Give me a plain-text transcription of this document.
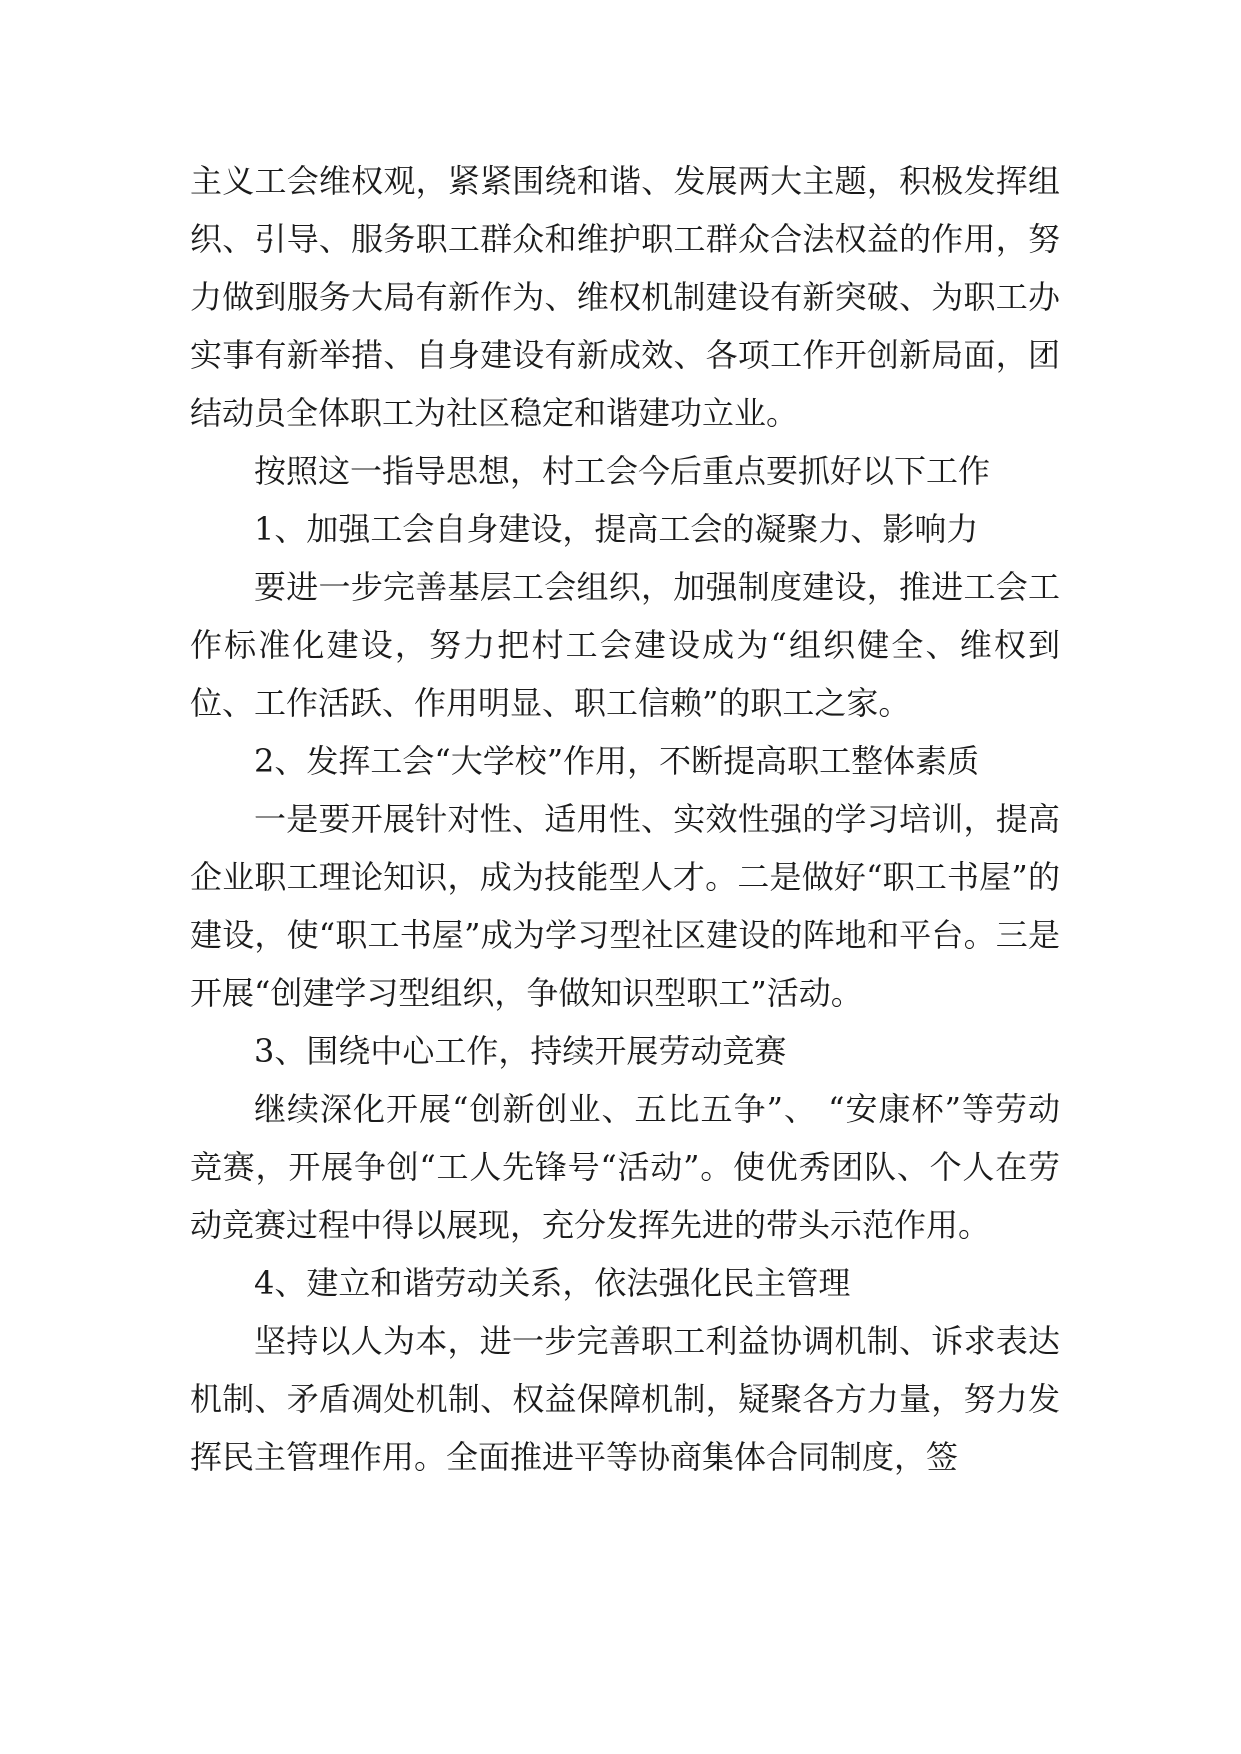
主义工会维权观，紧紧围绕和谐、发展两大主题，积极发挥组织、引导、服务职工群众和维护职工群众合法权益的作用，努力做到服务大局有新作为、维权机制建设有新突破、为职工办实事有新举措、自身建设有新成效、各项工作开创新局面，团结动员全体职工为社区稳定和谐建功立业。

按照这一指导思想，村工会今后重点要抓好以下工作

1、加强工会自身建设，提高工会的凝聚力、影响力

要进一步完善基层工会组织，加强制度建设，推进工会工作标准化建设，努力把村工会建设成为“组织健全、维权到位、工作活跃、作用明显、职工信赖”的职工之家。

2、发挥工会“大学校”作用，不断提高职工整体素质

一是要开展针对性、适用性、实效性强的学习培训，提高企业职工理论知识，成为技能型人才。二是做好“职工书屋”的建设，使“职工书屋”成为学习型社区建设的阵地和平台。三是开展“创建学习型组织，争做知识型职工”活动。

3、围绕中心工作，持续开展劳动竞赛

继续深化开展“创新创业、五比五争”、 “安康杯”等劳动竞赛，开展争创“工人先锋号“活动”。使优秀团队、个人在劳动竞赛过程中得以展现，充分发挥先进的带头示范作用。

4、建立和谐劳动关系，依法强化民主管理

坚持以人为本，进一步完善职工利益协调机制、诉求表达机制、矛盾凋处机制、权益保障机制，疑聚各方力量，努力发挥民主管理作用。全面推进平等协商集体合同制度，签
